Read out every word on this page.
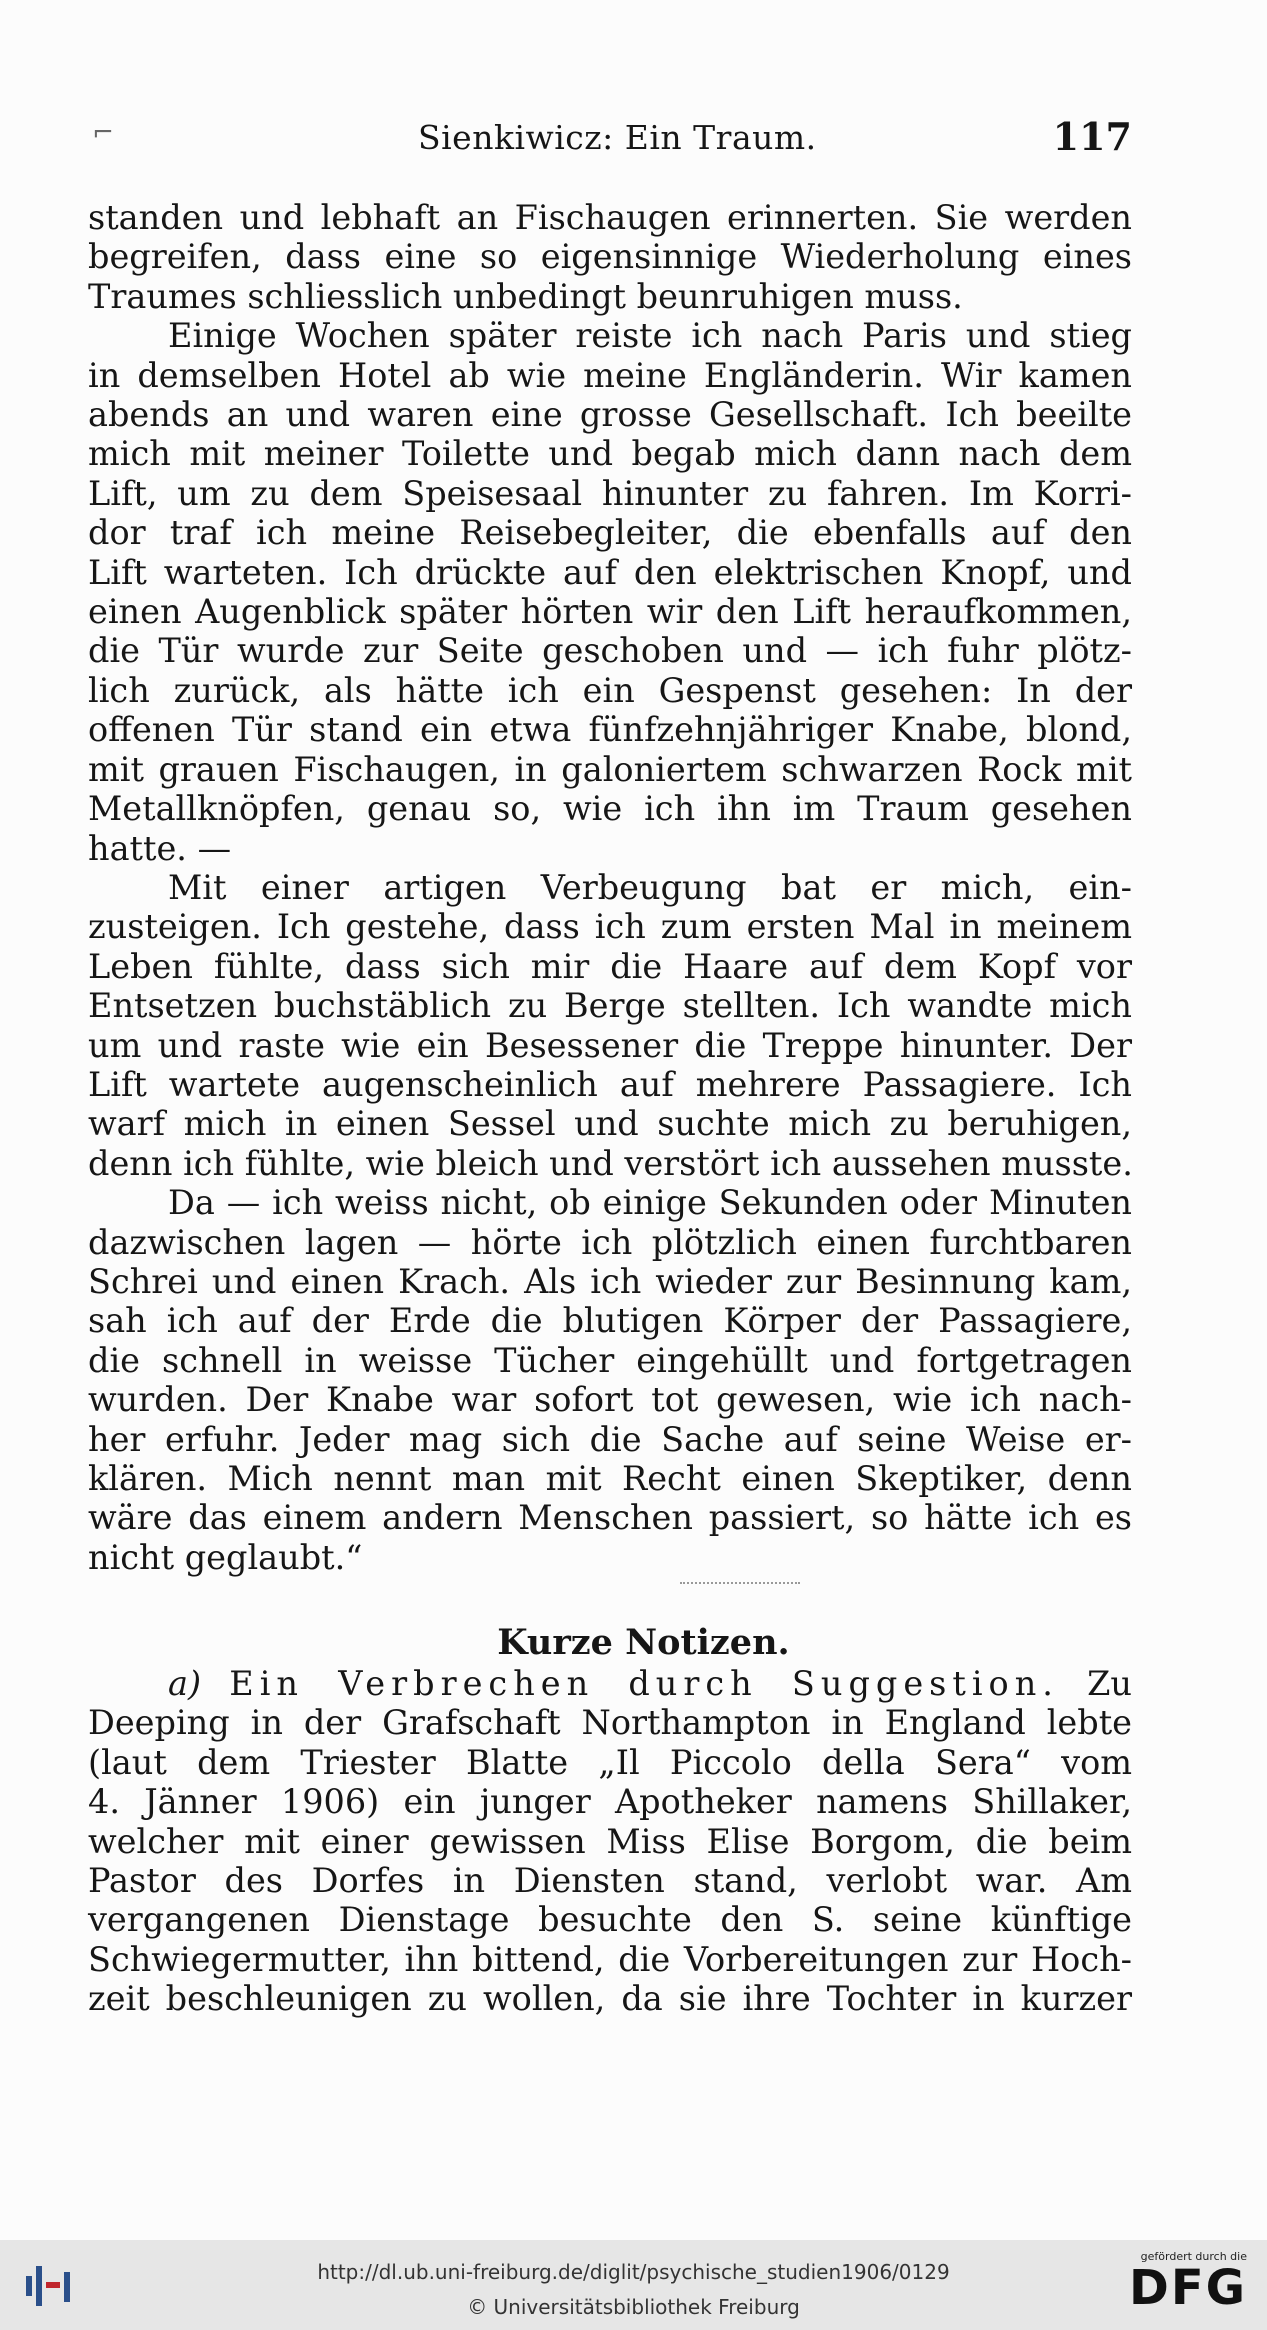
⌐	Sienkiwicz: Ein Traum.	117
standen und lebhaft an Fischaugen erinnerten. Sie werden
begreifen, dass eine so eigensinnige Wiederholung eines
Traumes schliesslich unbedingt beunruhigen muss.
Einige Wochen später reiste ich nach Paris und stieg
in demselben Hotel ab wie meine Engländerin. Wir kamen
abends an und waren eine grosse Gesellschaft. Ich beeilte
mich mit meiner Toilette und begab mich dann nach dem
Lift, um zu dem Speisesaal hinunter zu fahren. Im Korri-
dor traf ich meine Reisebegleiter, die ebenfalls auf den
Lift warteten. Ich drückte auf den elektrischen Knopf, und
einen Augenblick später hörten wir den Lift heraufkommen,
die Tür wurde zur Seite geschoben und — ich fuhr plötz-
lich zurück, als hätte ich ein Gespenst gesehen: In der
offenen Tür stand ein etwa fünfzehnjähriger Knabe, blond,
mit grauen Fischaugen, in galoniertem schwarzen Rock mit
Metallknöpfen, genau so, wie ich ihn im Traum gesehen
hatte. —
Mit einer artigen Verbeugung bat er mich, ein-
zusteigen. Ich gestehe, dass ich zum ersten Mal in meinem
Leben fühlte, dass sich mir die Haare auf dem Kopf vor
Entsetzen buchstäblich zu Berge stellten. Ich wandte mich
um und raste wie ein Besessener die Treppe hinunter. Der
Lift wartete augenscheinlich auf mehrere Passagiere. Ich
warf mich in einen Sessel und suchte mich zu beruhigen,
denn ich fühlte, wie bleich und verstört ich aussehen musste.
Da — ich weiss nicht, ob einige Sekunden oder Minuten
dazwischen lagen — hörte ich plötzlich einen furchtbaren
Schrei und einen Krach. Als ich wieder zur Besinnung kam,
sah ich auf der Erde die blutigen Körper der Passagiere,
die schnell in weisse Tücher eingehüllt und fortgetragen
wurden. Der Knabe war sofort tot gewesen, wie ich nach-
her erfuhr. Jeder mag sich die Sache auf seine Weise er-
klären. Mich nennt man mit Recht einen Skeptiker, denn
wäre das einem andern Menschen passiert, so hätte ich es
nicht geglaubt.“
Kurze Notizen.
a) Ein Verbrechen durch Suggestion. Zu
Deeping in der Grafschaft Northampton in England lebte
(laut dem Triester Blatte „Il Piccolo della Sera“ vom
4. Jänner 1906) ein junger Apotheker namens Shillaker,
welcher mit einer gewissen Miss Elise Borgom, die beim
Pastor des Dorfes in Diensten stand, verlobt war. Am
vergangenen Dienstage besuchte den S. seine künftige
Schwiegermutter, ihn bittend, die Vorbereitungen zur Hoch-
zeit beschleunigen zu wollen, da sie ihre Tochter in kurzer
http://dl.ub.uni-freiburg.de/diglit/psychische_studien1906/0129
© Universitätsbibliothek Freiburg
gefördert durch die
DFG
